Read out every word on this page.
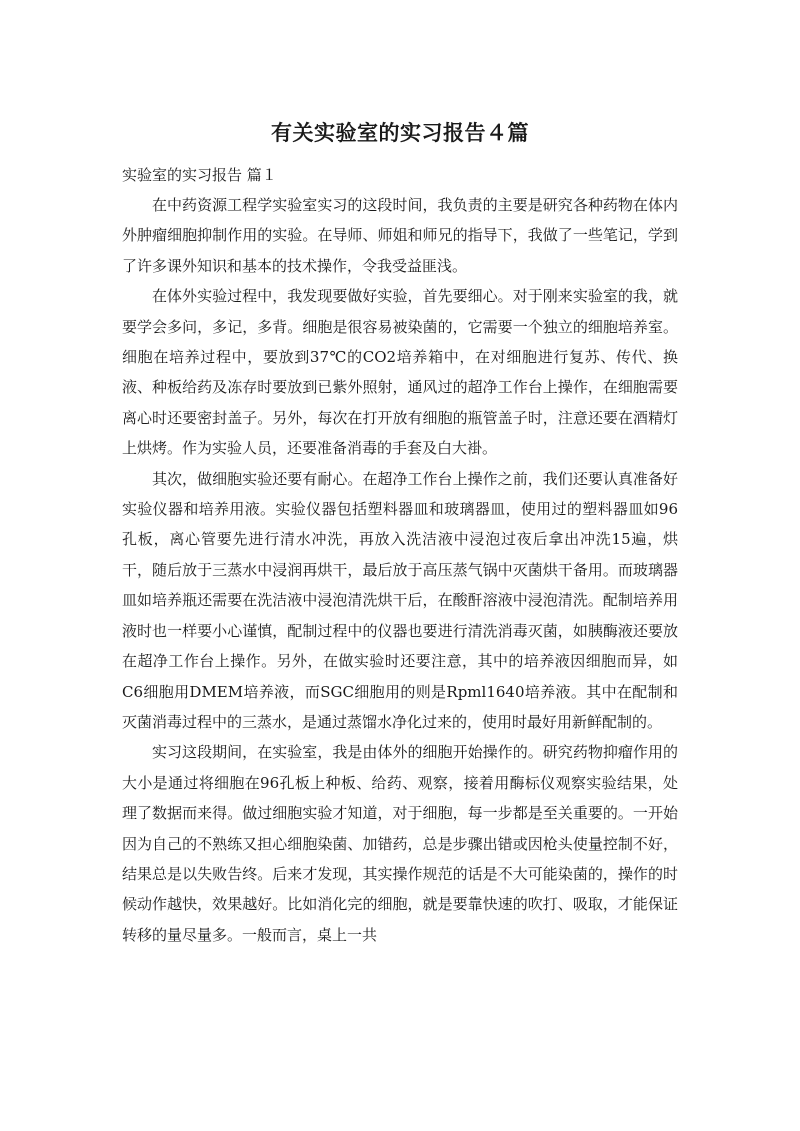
有关实验室的实习报告４篇

实验室的实习报告 篇１

在中药资源工程学实验室实习的这段时间，我负责的主要是研究各种药物在体内外肿瘤细胞抑制作用的实验。在导师、师姐和师兄的指导下，我做了一些笔记，学到了许多课外知识和基本的技术操作，令我受益匪浅。

在体外实验过程中，我发现要做好实验，首先要细心。对于刚来实验室的我，就要学会多问，多记，多背。细胞是很容易被染菌的，它需要一个独立的细胞培养室。细胞在培养过程中，要放到37℃的CO2培养箱中，在对细胞进行复苏、传代、换液、种板给药及冻存时要放到已紫外照射，通风过的超净工作台上操作，在细胞需要离心时还要密封盖子。另外，每次在打开放有细胞的瓶管盖子时，注意还要在酒精灯上烘烤。作为实验人员，还要准备消毒的手套及白大褂。

其次，做细胞实验还要有耐心。在超净工作台上操作之前，我们还要认真准备好实验仪器和培养用液。实验仪器包括塑料器皿和玻璃器皿，使用过的塑料器皿如96孔板，离心管要先进行清水冲洗，再放入洗洁液中浸泡过夜后拿出冲洗15遍，烘干，随后放于三蒸水中浸润再烘干，最后放于高压蒸气锅中灭菌烘干备用。而玻璃器皿如培养瓶还需要在洗洁液中浸泡清洗烘干后，在酸酐溶液中浸泡清洗。配制培养用液时也一样要小心谨慎，配制过程中的仪器也要进行清洗消毒灭菌，如胰酶液还要放在超净工作台上操作。另外，在做实验时还要注意，其中的培养液因细胞而异，如C6细胞用DMEM培养液，而SGC细胞用的则是Rpml1640培养液。其中在配制和灭菌消毒过程中的三蒸水，是通过蒸馏水净化过来的，使用时最好用新鲜配制的。

实习这段期间，在实验室，我是由体外的细胞开始操作的。研究药物抑瘤作用的大小是通过将细胞在96孔板上种板、给药、观察，接着用酶标仪观察实验结果，处理了数据而来得。做过细胞实验才知道，对于细胞，每一步都是至关重要的。一开始因为自己的不熟练又担心细胞染菌、加错药，总是步骤出错或因枪头使量控制不好，结果总是以失败告终。后来才发现，其实操作规范的话是不大可能染菌的，操作的时候动作越快，效果越好。比如消化完的细胞，就是要靠快速的吹打、吸取，才能保证转移的量尽量多。一般而言，桌上一共
